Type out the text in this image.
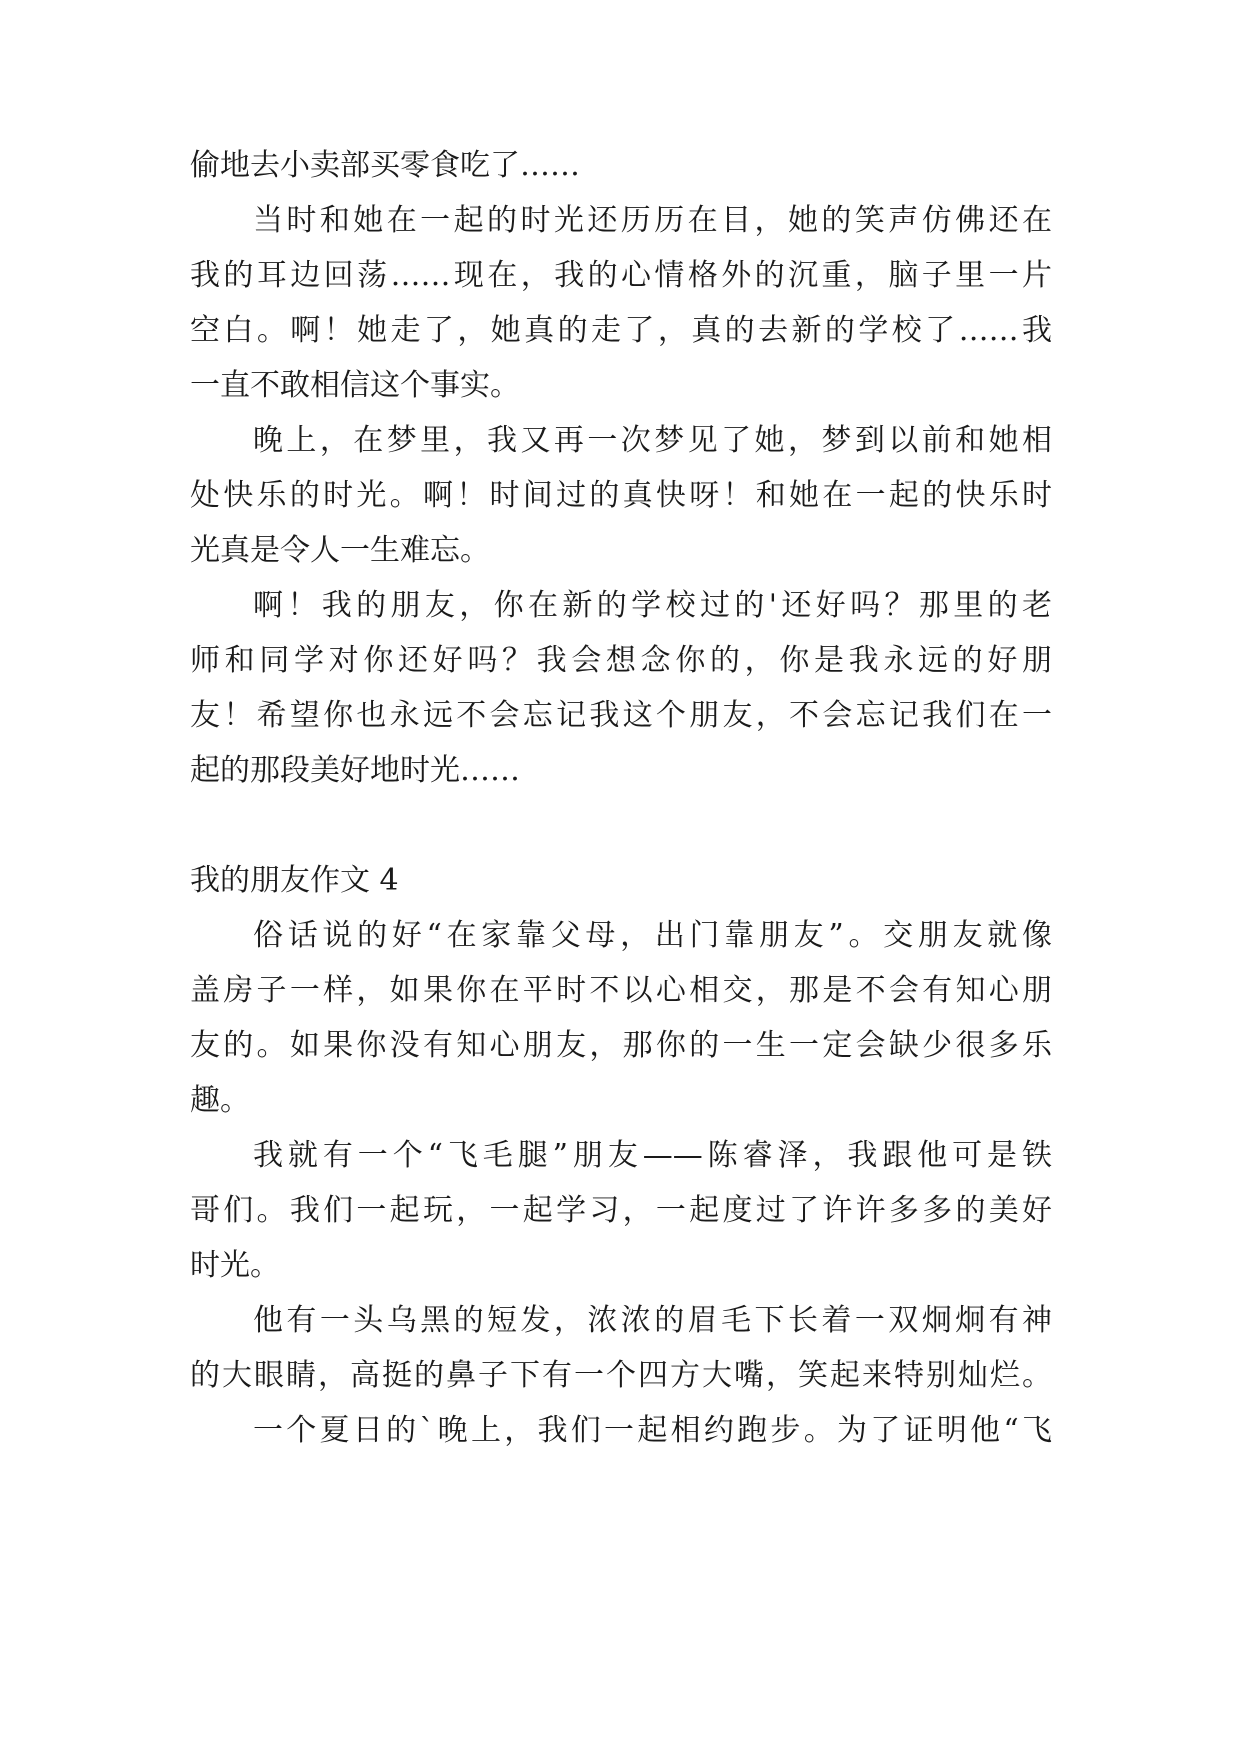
偷地去小卖部买零食吃了……

当时和她在一起的时光还历历在目，她的笑声仿佛还在

我的耳边回荡……现在，我的心情格外的沉重，脑子里一片

空白。啊！她走了，她真的走了，真的去新的学校了……我

一直不敢相信这个事实。

晚上，在梦里，我又再一次梦见了她，梦到以前和她相

处快乐的时光。啊！时间过的真快呀！和她在一起的快乐时

光真是令人一生难忘。

啊！我的朋友，你在新的学校过的'还好吗？那里的老

师和同学对你还好吗？我会想念你的，你是我永远的好朋

友！希望你也永远不会忘记我这个朋友，不会忘记我们在一

起的那段美好地时光……

我的朋友作文 4

俗话说的好“在家靠父母，出门靠朋友”。交朋友就像

盖房子一样，如果你在平时不以心相交，那是不会有知心朋

友的。如果你没有知心朋友，那你的一生一定会缺少很多乐

趣。

我就有一个“飞毛腿”朋友——陈睿泽，我跟他可是铁

哥们。我们一起玩，一起学习，一起度过了许许多多的美好

时光。

他有一头乌黑的短发，浓浓的眉毛下长着一双炯炯有神

的大眼睛，高挺的鼻子下有一个四方大嘴，笑起来特别灿烂。

一个夏日的`晚上，我们一起相约跑步。为了证明他“飞
